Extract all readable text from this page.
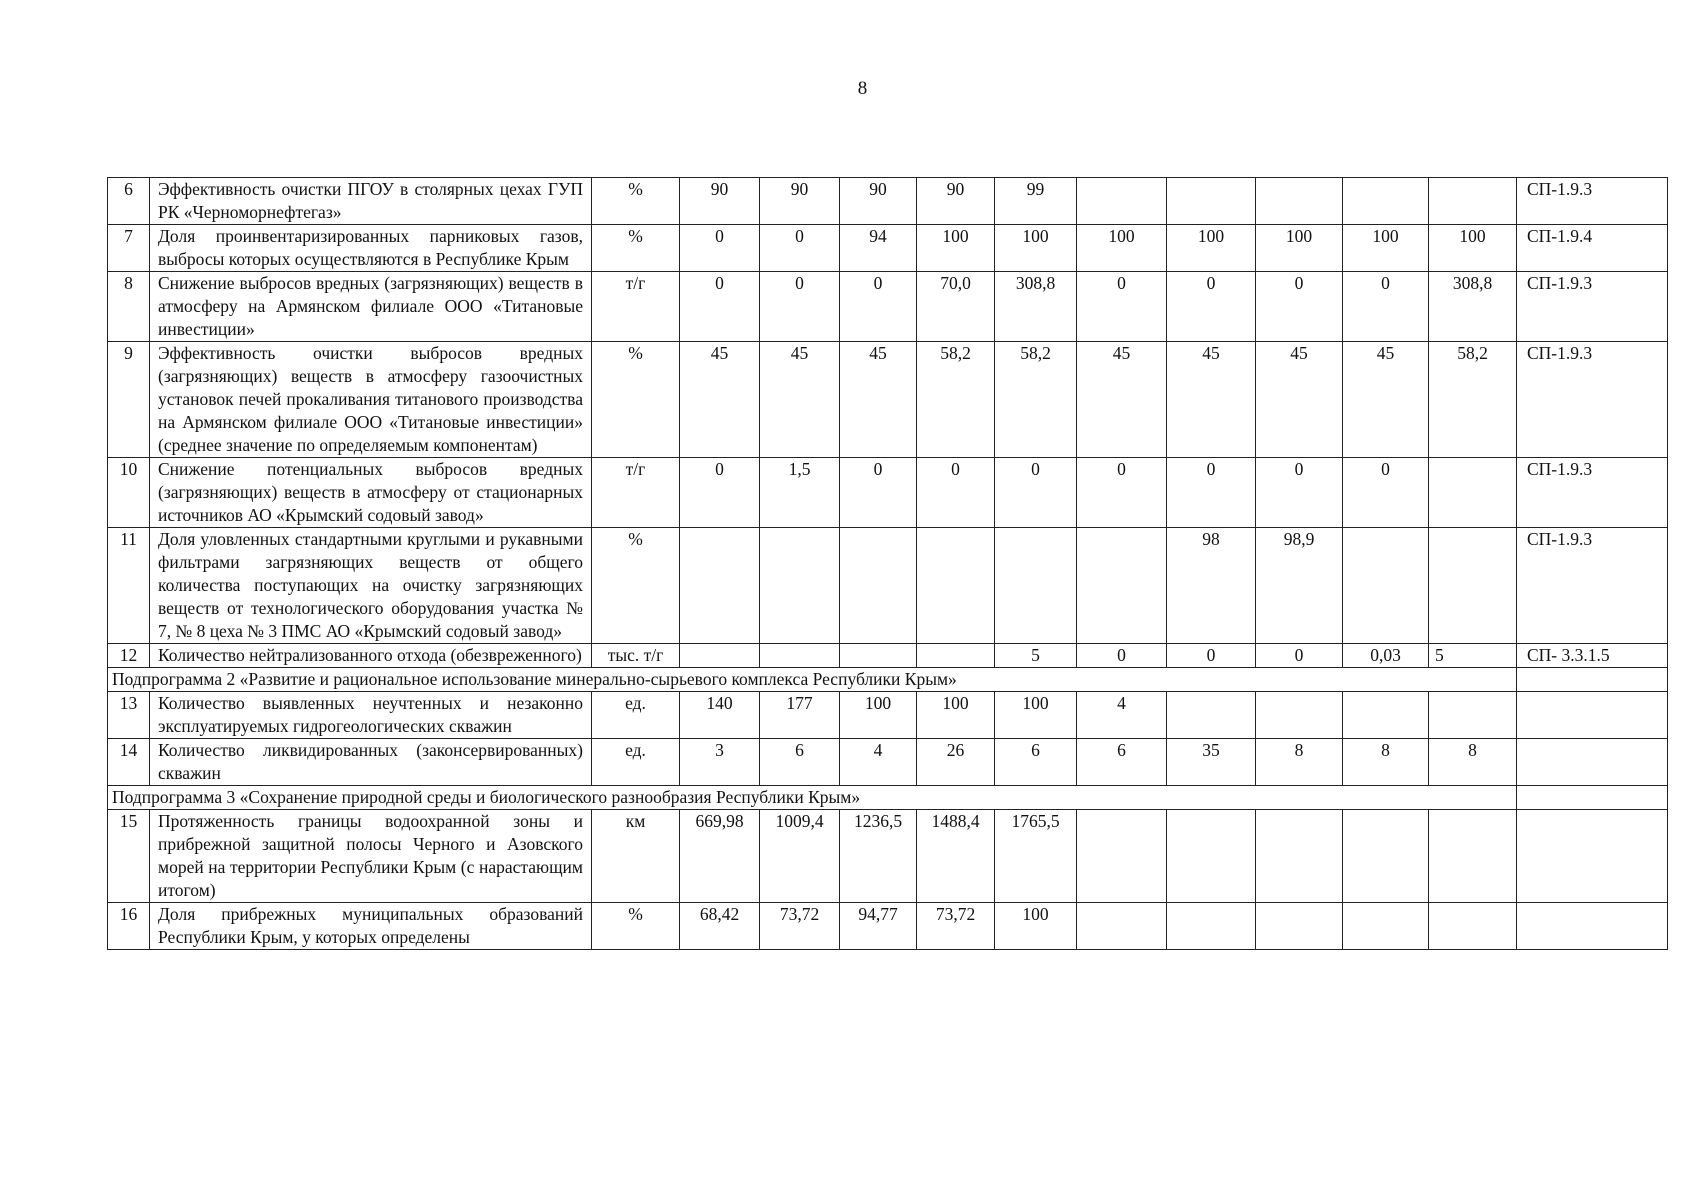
8
6	Эффективность очистки ПГОУ в столярных цехах ГУП РК «Черноморнефтегаз»	%	90	90	90	90	99						СП-1.9.3
7	Доля проинвентаризированных парниковых газов, выбросы которых осуществляются в Республике Крым	%	0	0	94	100	100	100	100	100	100	100	СП-1.9.4
8	Снижение выбросов вредных (загрязняющих) веществ в атмосферу на Армянском филиале ООО «Титановые инвестиции»	т/г	0	0	0	70,0	308,8	0	0	0	0	308,8	СП-1.9.3
9	Эффективность очистки выбросов вредных (загрязняющих) веществ в атмосферу газоочистных установок печей прокаливания титанового производства на Армянском филиале ООО «Титановые инвестиции» (среднее значение по определяемым компонентам)	%	45	45	45	58,2	58,2	45	45	45	45	58,2	СП-1.9.3
10	Снижение потенциальных выбросов вредных (загрязняющих) веществ в атмосферу от стационарных источников АО «Крымский содовый завод»	т/г	0	1,5	0	0	0	0	0	0	0		СП-1.9.3
11	Доля уловленных стандартными круглыми и рукавными фильтрами загрязняющих веществ от общего количества поступающих на очистку загрязняющих веществ от технологического оборудования участка № 7, № 8 цеха № 3 ПМС АО «Крымский содовый завод»	%							98	98,9			СП-1.9.3
12	Количество нейтрализованного отхода (обезвреженного)	тыс. т/г					5	0	0	0	0,03	5	СП- 3.3.1.5
Подпрограмма 2 «Развитие и рациональное использование минерально-сырьевого комплекса Республики Крым»													
13	Количество выявленных неучтенных и незаконно эксплуатируемых гидрогеологических скважин	ед.	140	177	100	100	100	4					
14	Количество ликвидированных (законсервированных) скважин	ед.	3	6	4	26	6	6	35	8	8	8	
Подпрограмма 3 «Сохранение природной среды и биологического разнообразия Республики Крым»													
15	Протяженность границы водоохранной зоны и прибрежной защитной полосы Черного и Азовского морей на территории Республики Крым (с нарастающим итогом)	км	669,98	1009,4	1236,5	1488,4	1765,5						
16	Доля прибрежных муниципальных образований Республики Крым, у которых определены	%	68,42	73,72	94,77	73,72	100						
